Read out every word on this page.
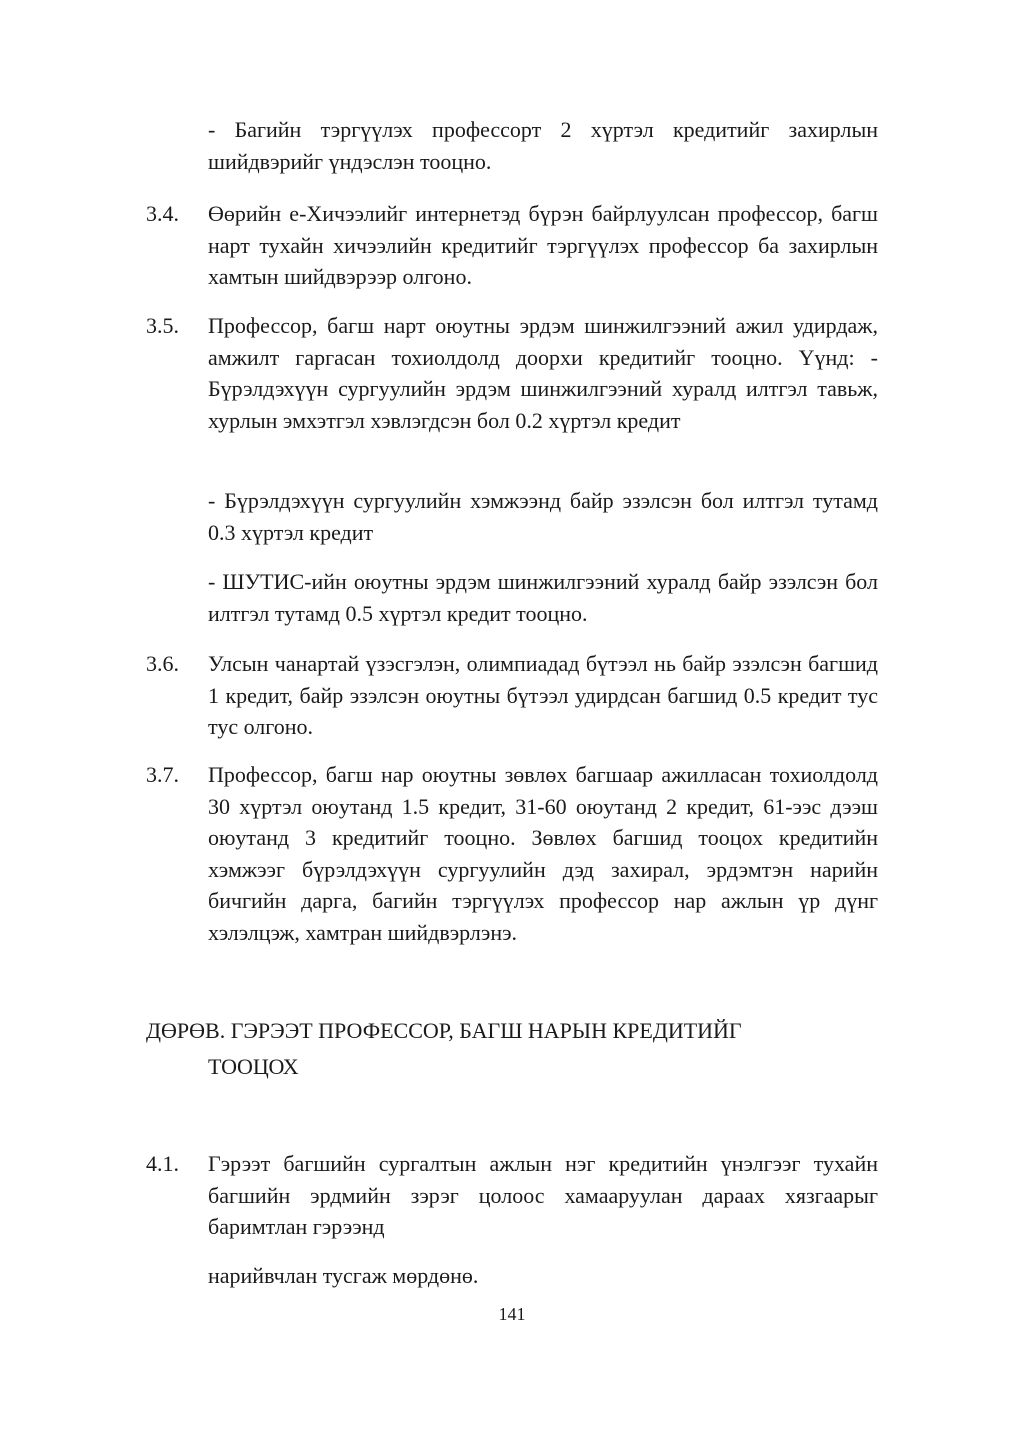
- Багийн тэргүүлэх профессорт 2 хүртэл кредитийг захирлын шийдвэрийг үндэслэн тооцно.

3.4. Өөрийн е-Хичээлийг интернетэд бүрэн байрлуулсан профессор, багш нарт тухайн хичээлийн кредитийг тэргүүлэх профессор ба захирлын хамтын шийдвэрээр олгоно.

3.5. Профессор, багш нарт оюутны эрдэм шинжилгээний ажил удирдаж, амжилт гаргасан тохиолдолд доорхи кредитийг тооцно. Үүнд: - Бүрэлдэхүүн сургуулийн эрдэм шинжилгээний хуралд илтгэл тавьж, хурлын эмхэтгэл хэвлэгдсэн бол 0.2 хүртэл кредит

- Бүрэлдэхүүн сургуулийн хэмжээнд байр эзэлсэн бол илтгэл тутамд 0.3 хүртэл кредит

- ШУТИС-ийн оюутны эрдэм шинжилгээний хуралд байр эзэлсэн бол илтгэл тутамд 0.5 хүртэл кредит тооцно.

3.6. Улсын чанартай үзэсгэлэн, олимпиадад бүтээл нь байр эзэлсэн багшид 1 кредит, байр эзэлсэн оюутны бүтээл удирдсан багшид 0.5 кредит тус тус олгоно.

3.7. Профессор, багш нар оюутны зөвлөх багшаар ажилласан тохиолдолд 30 хүртэл оюутанд 1.5 кредит, 31-60 оюутанд 2 кредит, 61-ээс дээш оюутанд 3 кредитийг тооцно. Зөвлөх багшид тооцох кредитийн хэмжээг бүрэлдэхүүн сургуулийн дэд захирал, эрдэмтэн нарийн бичгийн дарга, багийн тэргүүлэх профессор нар ажлын үр дүнг хэлэлцэж, хамтран шийдвэрлэнэ.

ДӨРӨВ. ГЭРЭЭТ ПРОФЕССОР, БАГШ НАРЫН КРЕДИТИЙГ
ТООЦОХ
4.1. Гэрээт багшийн сургалтын ажлын нэг кредитийн үнэлгээг тухайн багшийн эрдмийн зэрэг цолоос хамааруулан дараах хязгаарыг баримтлан гэрээнд

нарийвчлан тусгаж мөрдөнө.

141
